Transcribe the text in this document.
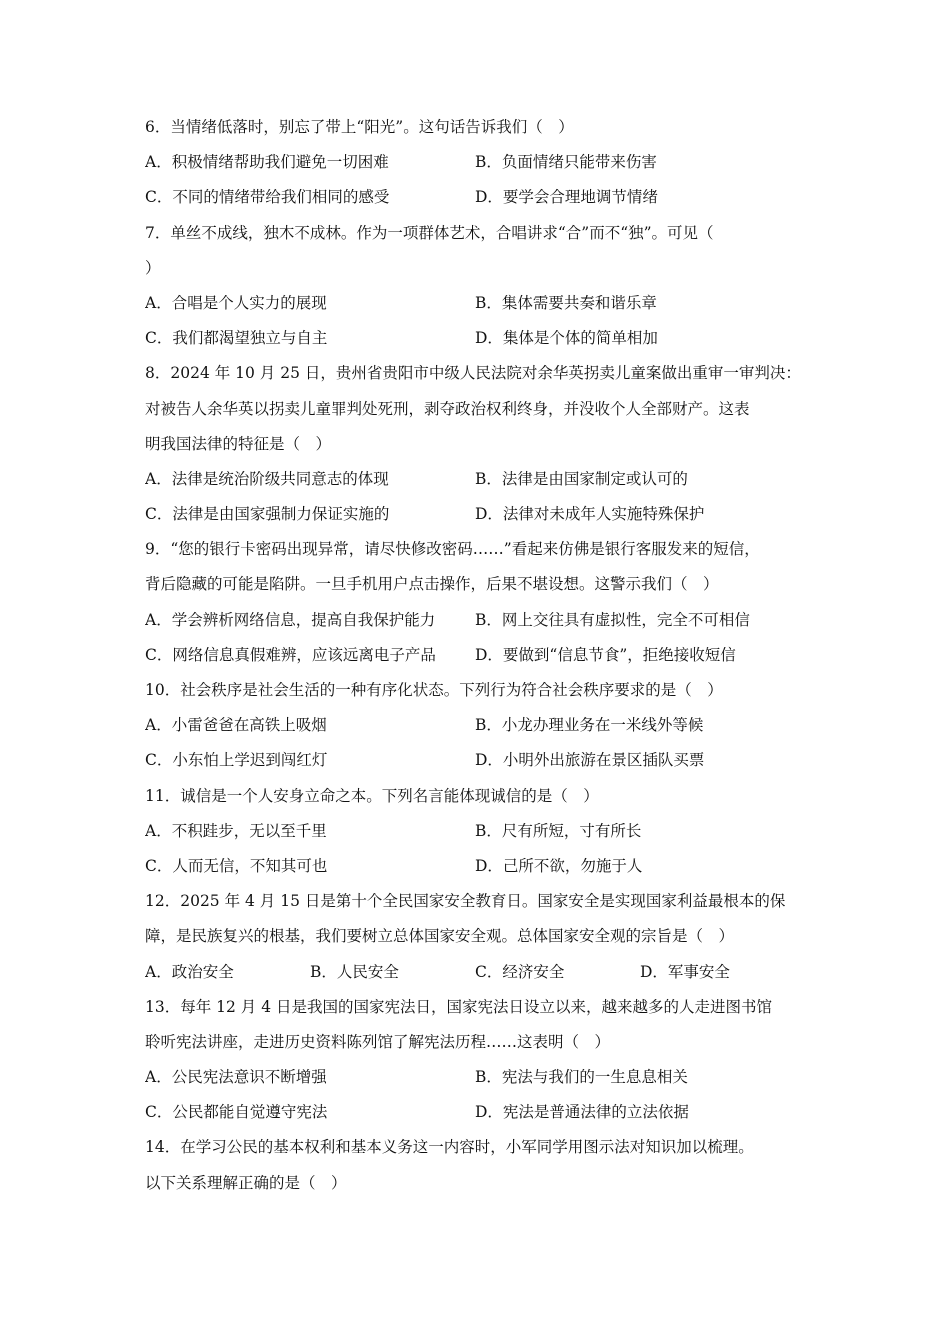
6．当情绪低落时，别忘了带上“阳光”。这句话告诉我们（　）
A．积极情绪帮助我们避免一切困难	B．负面情绪只能带来伤害
C．不同的情绪带给我们相同的感受	D．要学会合理地调节情绪
7．单丝不成线，独木不成林。作为一项群体艺术，合唱讲求“合”而不“独”。可见（
）
A．合唱是个人实力的展现	B．集体需要共奏和谐乐章
C．我们都渴望独立与自主	D．集体是个体的简单相加
8．2024 年 10 月 25 日，贵州省贵阳市中级人民法院对余华英拐卖儿童案做出重审一审判决：
对被告人余华英以拐卖儿童罪判处死刑，剥夺政治权利终身，并没收个人全部财产。这表
明我国法律的特征是（　）
A．法律是统治阶级共同意志的体现	B．法律是由国家制定或认可的
C．法律是由国家强制力保证实施的	D．法律对未成年人实施特殊保护
9．“您的银行卡密码出现异常，请尽快修改密码……”看起来仿佛是银行客服发来的短信，
背后隐藏的可能是陷阱。一旦手机用户点击操作，后果不堪设想。这警示我们（　）
A．学会辨析网络信息，提高自我保护能力	B．网上交往具有虚拟性，完全不可相信
C．网络信息真假难辨，应该远离电子产品	D．要做到“信息节食”，拒绝接收短信
10．社会秩序是社会生活的一种有序化状态。下列行为符合社会秩序要求的是（　）
A．小雷爸爸在高铁上吸烟	B．小龙办理业务在一米线外等候
C．小东怕上学迟到闯红灯	D．小明外出旅游在景区插队买票
11．诚信是一个人安身立命之本。下列名言能体现诚信的是（　）
A．不积跬步，无以至千里	B．尺有所短，寸有所长
C．人而无信，不知其可也	D．己所不欲，勿施于人
12．2025 年 4 月 15 日是第十个全民国家安全教育日。国家安全是实现国家利益最根本的保
障，是民族复兴的根基，我们要树立总体国家安全观。总体国家安全观的宗旨是（　）
A．政治安全	B．人民安全	C．经济安全	D．军事安全
13．每年 12 月 4 日是我国的国家宪法日，国家宪法日设立以来，越来越多的人走进图书馆
聆听宪法讲座，走进历史资料陈列馆了解宪法历程……这表明（　）
A．公民宪法意识不断增强	B．宪法与我们的一生息息相关
C．公民都能自觉遵守宪法	D．宪法是普通法律的立法依据
14．在学习公民的基本权利和基本义务这一内容时，小军同学用图示法对知识加以梳理。
以下关系理解正确的是（　）
